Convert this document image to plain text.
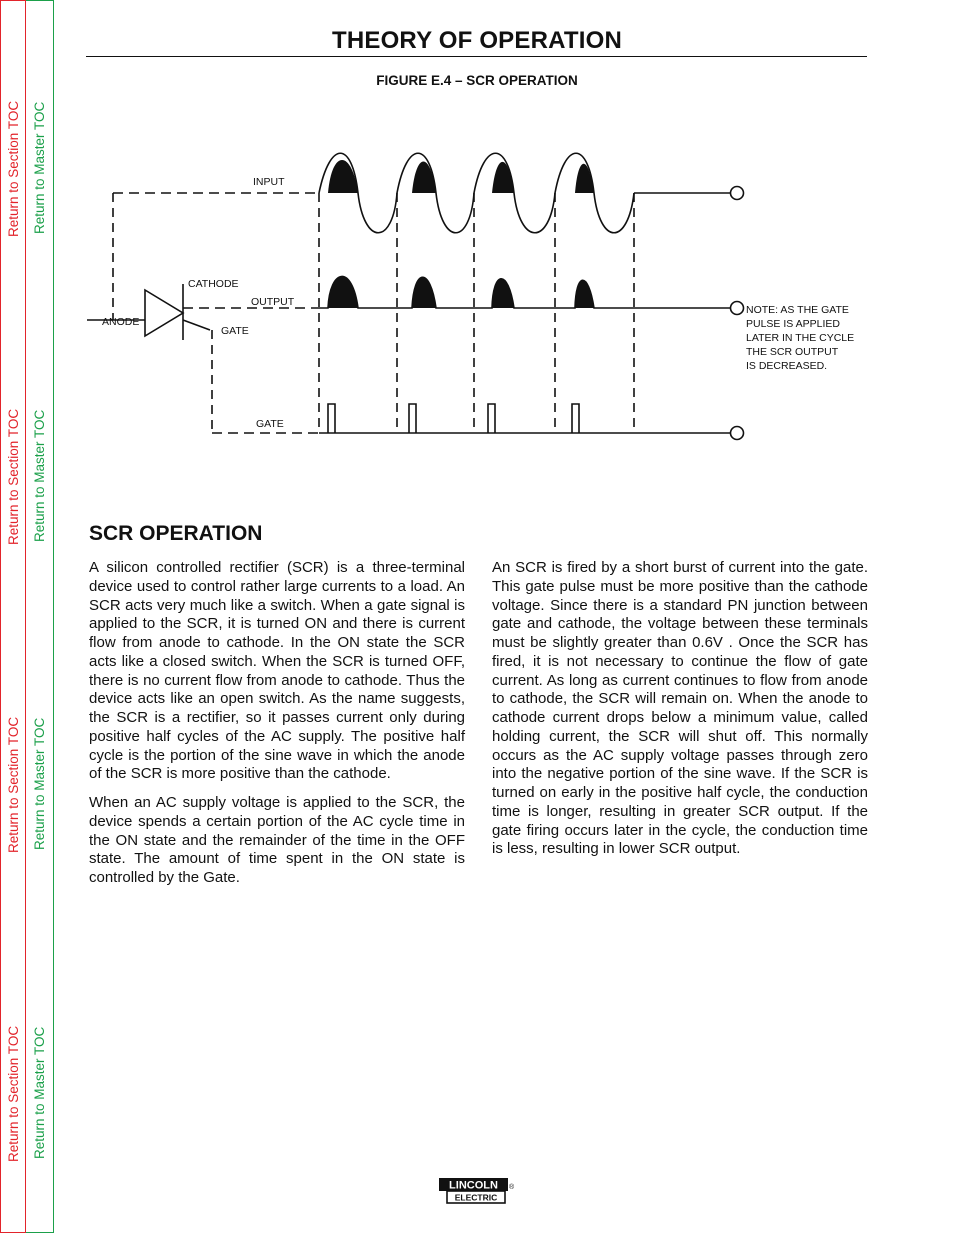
Return to Section TOC
Return to Section TOC
Return to Section TOC
Return to Section TOC
Return to Master TOC
Return to Master TOC
Return to Master TOC
Return to Master TOC
THEORY OF OPERATION
FIGURE E.4 – SCR OPERATION
INPUT
OUTPUT
GATE
CATHODE
ANODE
GATE
NOTE: AS THE GATE
PULSE IS APPLIED
LATER IN THE CYCLE
THE SCR OUTPUT
IS DECREASED.
SCR OPERATION

A silicon controlled rectifier (SCR) is a three-terminal device used to control rather large currents to a load. An SCR acts very much like a switch. When a gate signal is applied to the SCR, it is turned ON and there is current flow from anode to cathode. In the ON state the SCR acts like a closed switch. When the SCR is turned OFF, there is no current flow from anode to cathode. Thus the device acts like an open switch. As the name suggests, the SCR is a rectifier, so it passes current only during positive half cycles of the AC supply. The positive half cycle is the portion of the sine wave in which the anode of the SCR is more positive than the cathode.

When an AC supply voltage is applied to the SCR, the device spends a certain portion of the AC cycle time in the ON state and the remainder of the time in the OFF state. The amount of time spent in the ON state is controlled by the Gate.

An SCR is fired by a short burst of current into the gate. This gate pulse must be more positive than the cathode voltage. Since there is a standard PN junction between gate and cathode, the voltage between these terminals must be slightly greater than 0.6V . Once the SCR has fired, it is not necessary to continue the flow of gate current. As long as current continues to flow from anode to cathode, the SCR will remain on. When the anode to cathode current drops below a minimum value, called holding current, the SCR will shut off. This normally occurs as the AC supply voltage passes through zero into the negative portion of the sine wave. If the SCR is turned on early in the positive half cycle, the conduction time is longer, resulting in greater SCR output. If the gate firing occurs later in the cycle, the conduction time is less, resulting in lower SCR output.

LINCOLN
ELECTRIC
®
